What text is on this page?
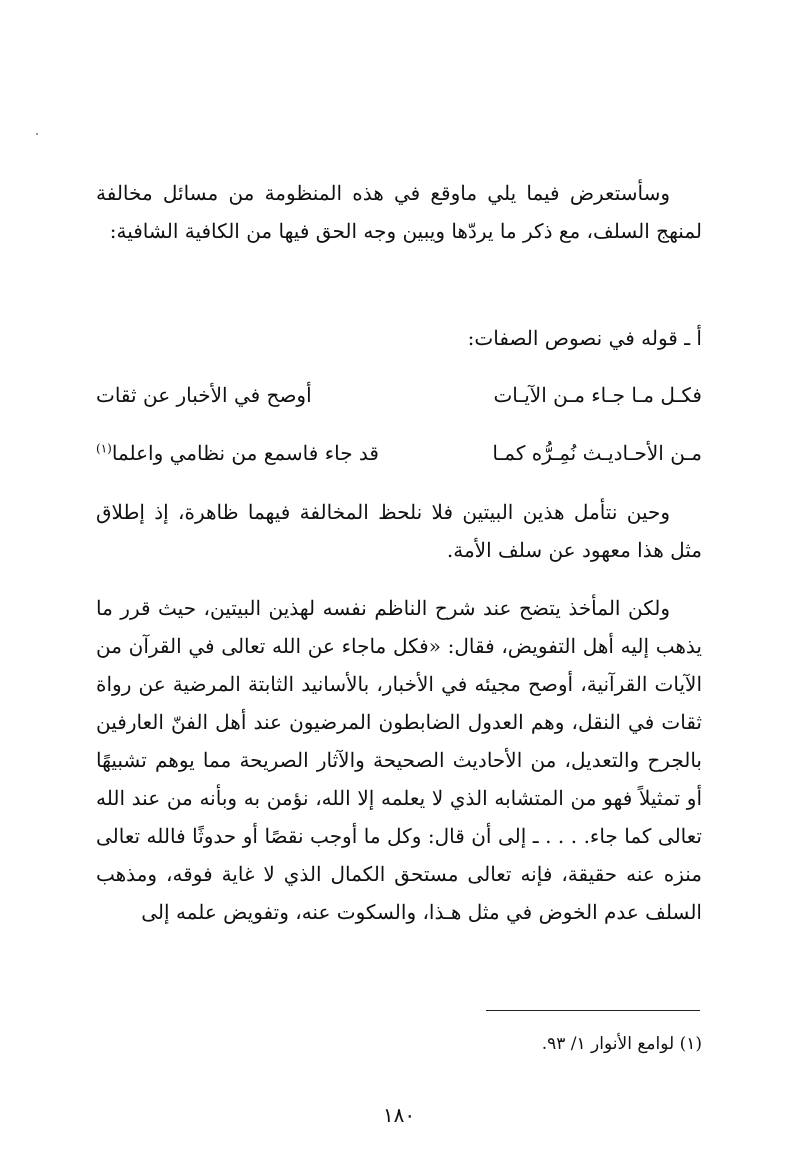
وسأستعرض فيما يلي ماوقع في هذه المنظومة من مسائل مخالفة لمنهج السلف، مع ذكر ما يردّها ويبين وجه الحق فيها من الكافية الشافية:

أ ـ قوله في نصوص الصفات:

فكـل مـا جـاء مـن الآيـات
أوصح في الأخبار عن ثقات
مـن الأحـاديـث نُمِـرُّه كمـا
قد جاء فاسمع من نظامي واعلما$^{(١)}$

وحين نتأمل هذين البيتين فلا نلحظ المخالفة فيهما ظاهرة، إذ إطلاق مثل هذا معهود عن سلف الأمة.

ولكن المأخذ يتضح عند شرح الناظم نفسه لهذين البيتين، حيث قرر ما يذهب إليه أهل التفويض، فقال: «فكل ماجاء عن الله تعالى في القرآن من الآيات القرآنية، أوصح مجيئه في الأخبار، بالأسانيد الثابتة المرضية عن رواة ثقات في النقل، وهم العدول الضابطون المرضيون عند أهل الفنّ العارفين بالجرح والتعديل، من الأحاديث الصحيحة والآثار الصريحة مما يوهم تشبيهًا أو تمثيلاً فهو من المتشابه الذي لا يعلمه إلا الله، نؤمن به وبأنه من عند الله تعالى كما جاء. . . . ـ إلى أن قال: وكل ما أوجب نقصًا أو حدوثًا فالله تعالى منزه عنه حقيقة، فإنه تعالى مستحق الكمال الذي لا غاية فوقه، ومذهب السلف عدم الخوض في مثل هـذا، والسكوت عنه، وتفويض علمه إلى

(١) لوامع الأنوار ١/ ٩٣.
١٨٠
